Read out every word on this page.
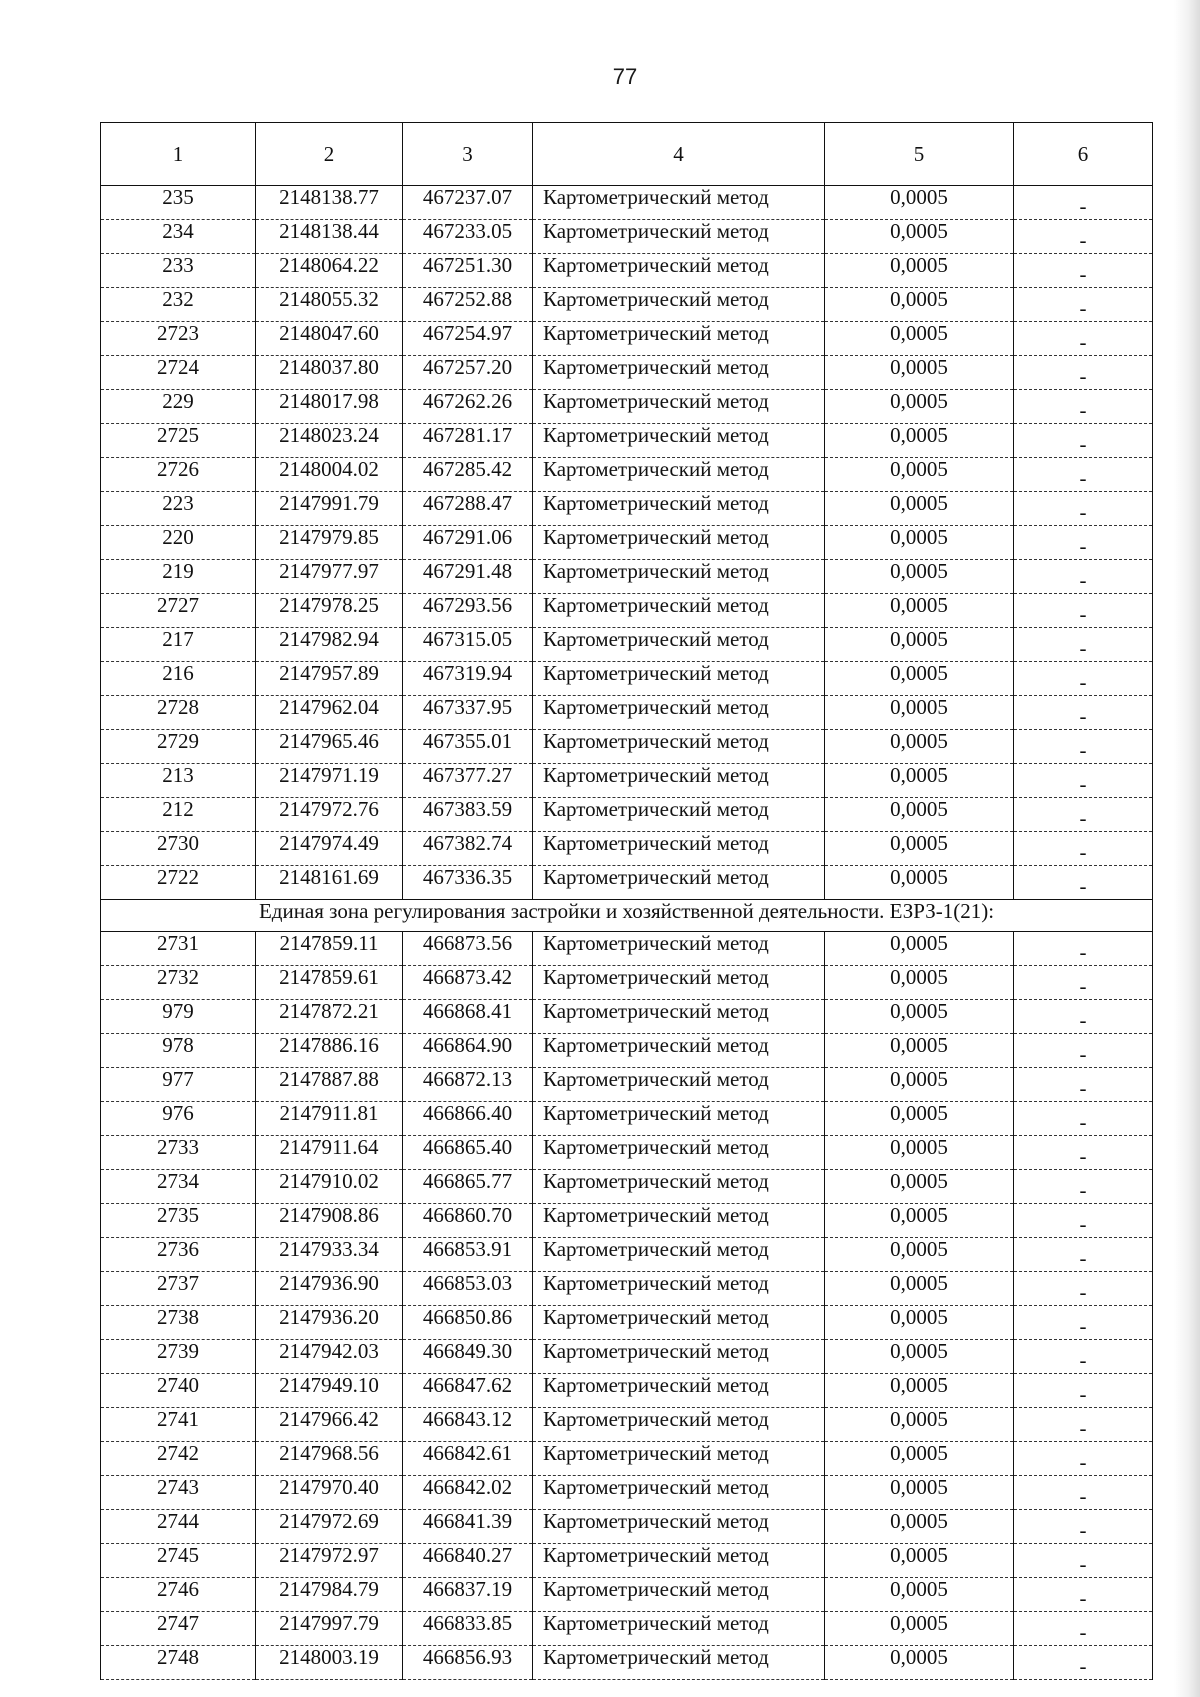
77
1	2	3	4	5	6
235	2148138.77	467237.07	Картометрический метод	0,0005	-
234	2148138.44	467233.05	Картометрический метод	0,0005	-
233	2148064.22	467251.30	Картометрический метод	0,0005	-
232	2148055.32	467252.88	Картометрический метод	0,0005	-
2723	2148047.60	467254.97	Картометрический метод	0,0005	-
2724	2148037.80	467257.20	Картометрический метод	0,0005	-
229	2148017.98	467262.26	Картометрический метод	0,0005	-
2725	2148023.24	467281.17	Картометрический метод	0,0005	-
2726	2148004.02	467285.42	Картометрический метод	0,0005	-
223	2147991.79	467288.47	Картометрический метод	0,0005	-
220	2147979.85	467291.06	Картометрический метод	0,0005	-
219	2147977.97	467291.48	Картометрический метод	0,0005	-
2727	2147978.25	467293.56	Картометрический метод	0,0005	-
217	2147982.94	467315.05	Картометрический метод	0,0005	-
216	2147957.89	467319.94	Картометрический метод	0,0005	-
2728	2147962.04	467337.95	Картометрический метод	0,0005	-
2729	2147965.46	467355.01	Картометрический метод	0,0005	-
213	2147971.19	467377.27	Картометрический метод	0,0005	-
212	2147972.76	467383.59	Картометрический метод	0,0005	-
2730	2147974.49	467382.74	Картометрический метод	0,0005	-
2722	2148161.69	467336.35	Картометрический метод	0,0005	-
Единая зона регулирования застройки и хозяйственной деятельности. ЕЗРЗ-1(21):					
2731	2147859.11	466873.56	Картометрический метод	0,0005	-
2732	2147859.61	466873.42	Картометрический метод	0,0005	-
979	2147872.21	466868.41	Картометрический метод	0,0005	-
978	2147886.16	466864.90	Картометрический метод	0,0005	-
977	2147887.88	466872.13	Картометрический метод	0,0005	-
976	2147911.81	466866.40	Картометрический метод	0,0005	-
2733	2147911.64	466865.40	Картометрический метод	0,0005	-
2734	2147910.02	466865.77	Картометрический метод	0,0005	-
2735	2147908.86	466860.70	Картометрический метод	0,0005	-
2736	2147933.34	466853.91	Картометрический метод	0,0005	-
2737	2147936.90	466853.03	Картометрический метод	0,0005	-
2738	2147936.20	466850.86	Картометрический метод	0,0005	-
2739	2147942.03	466849.30	Картометрический метод	0,0005	-
2740	2147949.10	466847.62	Картометрический метод	0,0005	-
2741	2147966.42	466843.12	Картометрический метод	0,0005	-
2742	2147968.56	466842.61	Картометрический метод	0,0005	-
2743	2147970.40	466842.02	Картометрический метод	0,0005	-
2744	2147972.69	466841.39	Картометрический метод	0,0005	-
2745	2147972.97	466840.27	Картометрический метод	0,0005	-
2746	2147984.79	466837.19	Картометрический метод	0,0005	-
2747	2147997.79	466833.85	Картометрический метод	0,0005	-
2748	2148003.19	466856.93	Картометрический метод	0,0005	-
